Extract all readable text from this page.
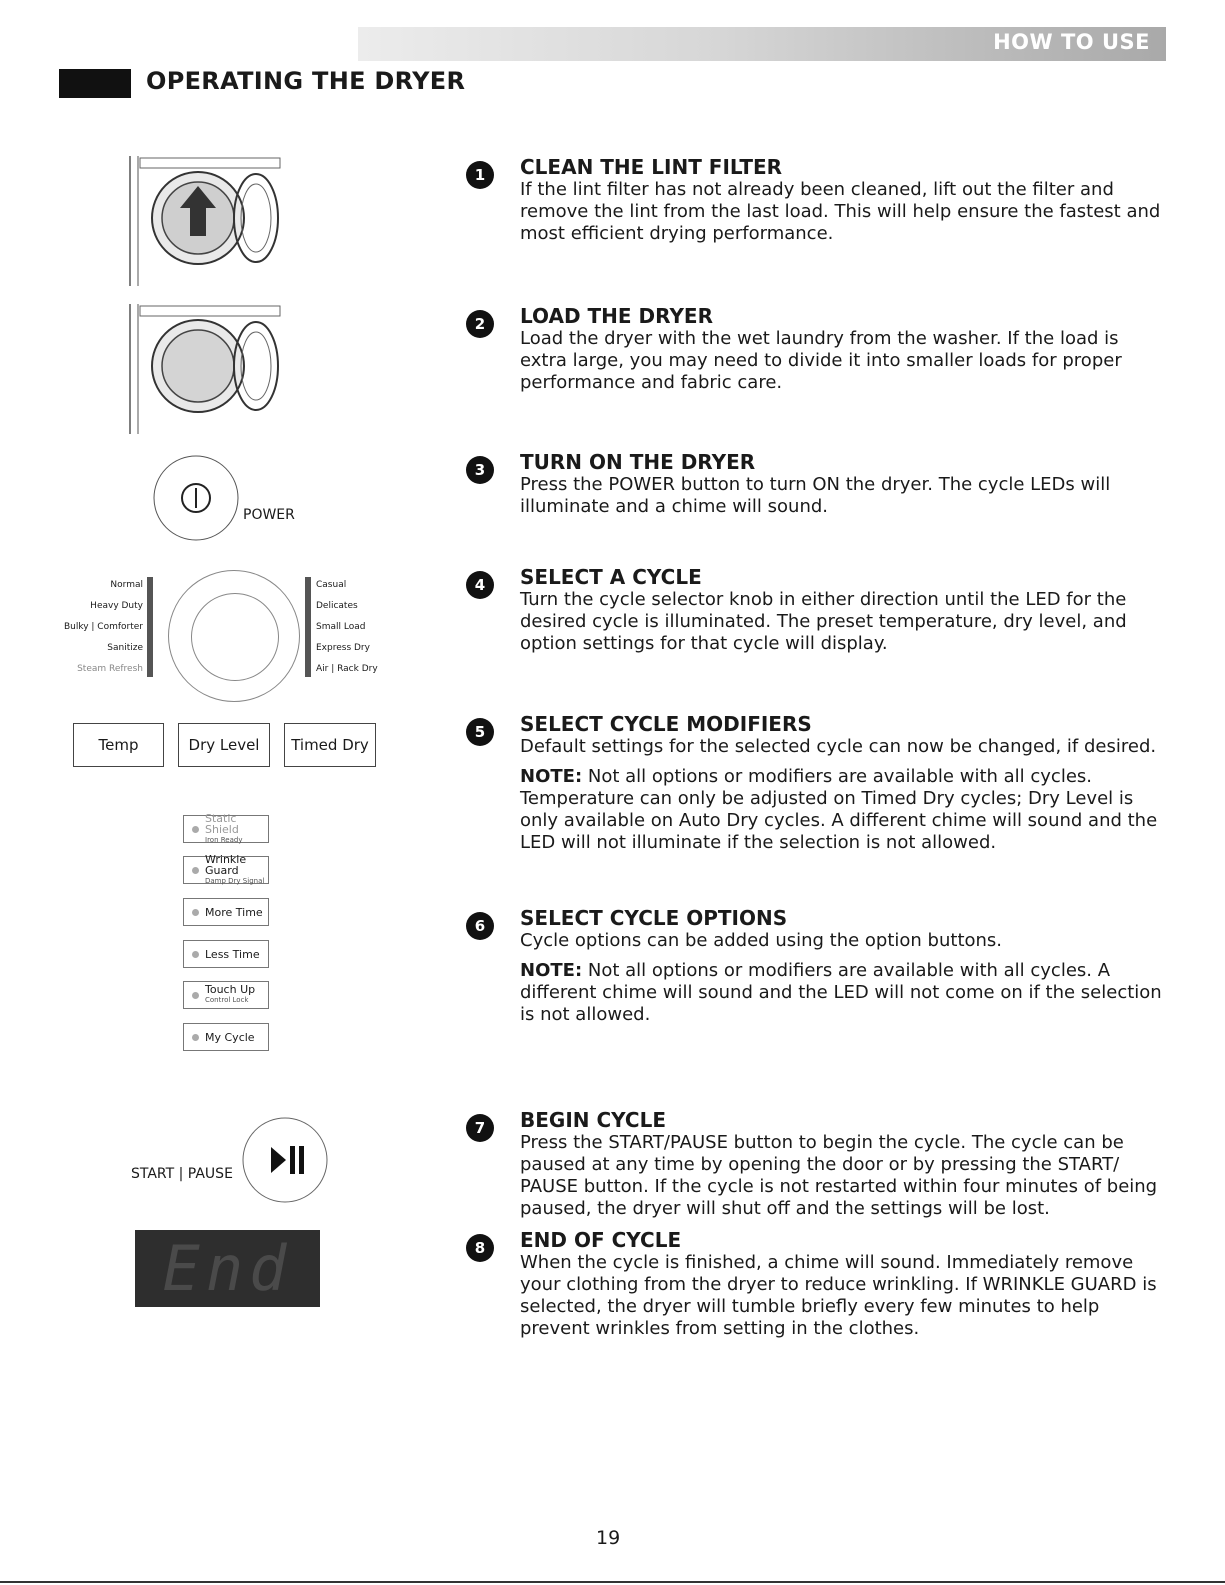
HOW TO USE
OPERATING THE DRYER
POWER
Normal
Heavy Duty
Bulky | Comforter
Sanitize
Steam Refresh
Casual
Delicates
Small Load
Express Dry
Air | Rack Dry
Temp	Dry Level	Timed Dry
Static Shield
Iron Ready
Wrinkle Guard
Damp Dry Signal
More Time
Less Time
Touch Up
Control Lock
My Cycle
START | PAUSE
End
1	CLEAN THE LINT FILTER

If the lint filter has not already been cleaned, lift out the filter and remove the lint from the last load. This will help ensure the fastest and most efficient drying performance.

2	LOAD THE DRYER

Load the dryer with the wet laundry from the washer. If the load is extra large, you may need to divide it into smaller loads for proper performance and fabric care.

3	TURN ON THE DRYER

Press the POWER button to turn ON the dryer. The cycle LEDs will illuminate and a chime will sound.

4	SELECT A CYCLE

Turn the cycle selector knob in either direction until the LED for the desired cycle is illuminated. The preset temperature, dry level, and option settings for that cycle will display.

5	SELECT CYCLE MODIFIERS

Default settings for the selected cycle can now be changed, if desired.

NOTE: Not all options or modifiers are available with all cycles. Temperature can only be adjusted on Timed Dry cycles; Dry Level is only available on Auto Dry cycles. A different chime will sound and the LED will not illuminate if the selection is not allowed.

6	SELECT CYCLE OPTIONS

Cycle options can be added using the option buttons.

NOTE: Not all options or modifiers are available with all cycles. A different chime will sound and the LED will not come on if the selection is not allowed.

7	BEGIN CYCLE

Press the START/PAUSE button to begin the cycle. The cycle can be paused at any time by opening the door or by pressing the START/ PAUSE button. If the cycle is not restarted within four minutes of being paused, the dryer will shut off and the settings will be lost.

8	END OF CYCLE

When the cycle is finished, a chime will sound. Immediately remove your clothing from the dryer to reduce wrinkling. If WRINKLE GUARD is selected, the dryer will tumble briefly every few minutes to help prevent wrinkles from setting in the clothes.

19
